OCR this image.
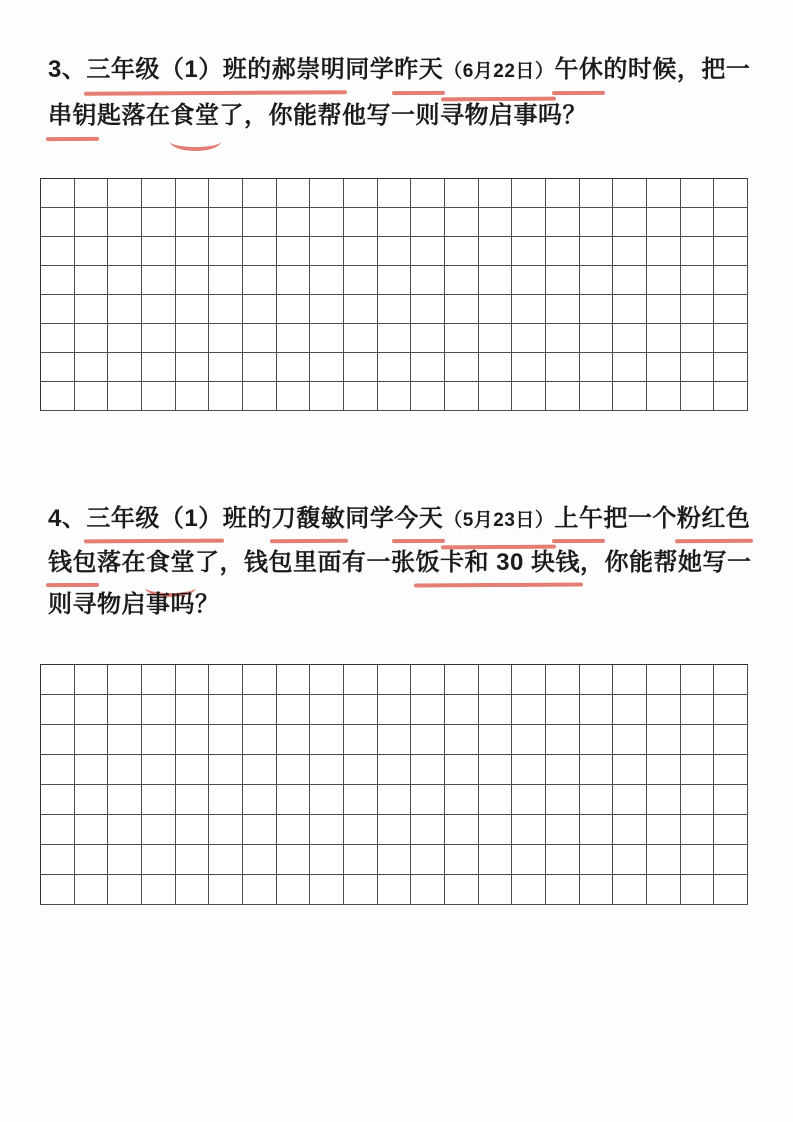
3、三年级（1）班的郝崇明同学昨天（6月22日）午休的时候，把一
串钥匙落在食堂了，你能帮他写一则寻物启事吗？
4、三年级（1）班的刀馥敏同学今天（5月23日）上午把一个粉红色
钱包落在食堂了，钱包里面有一张饭卡和 30 块钱，你能帮她写一
则寻物启事吗？
